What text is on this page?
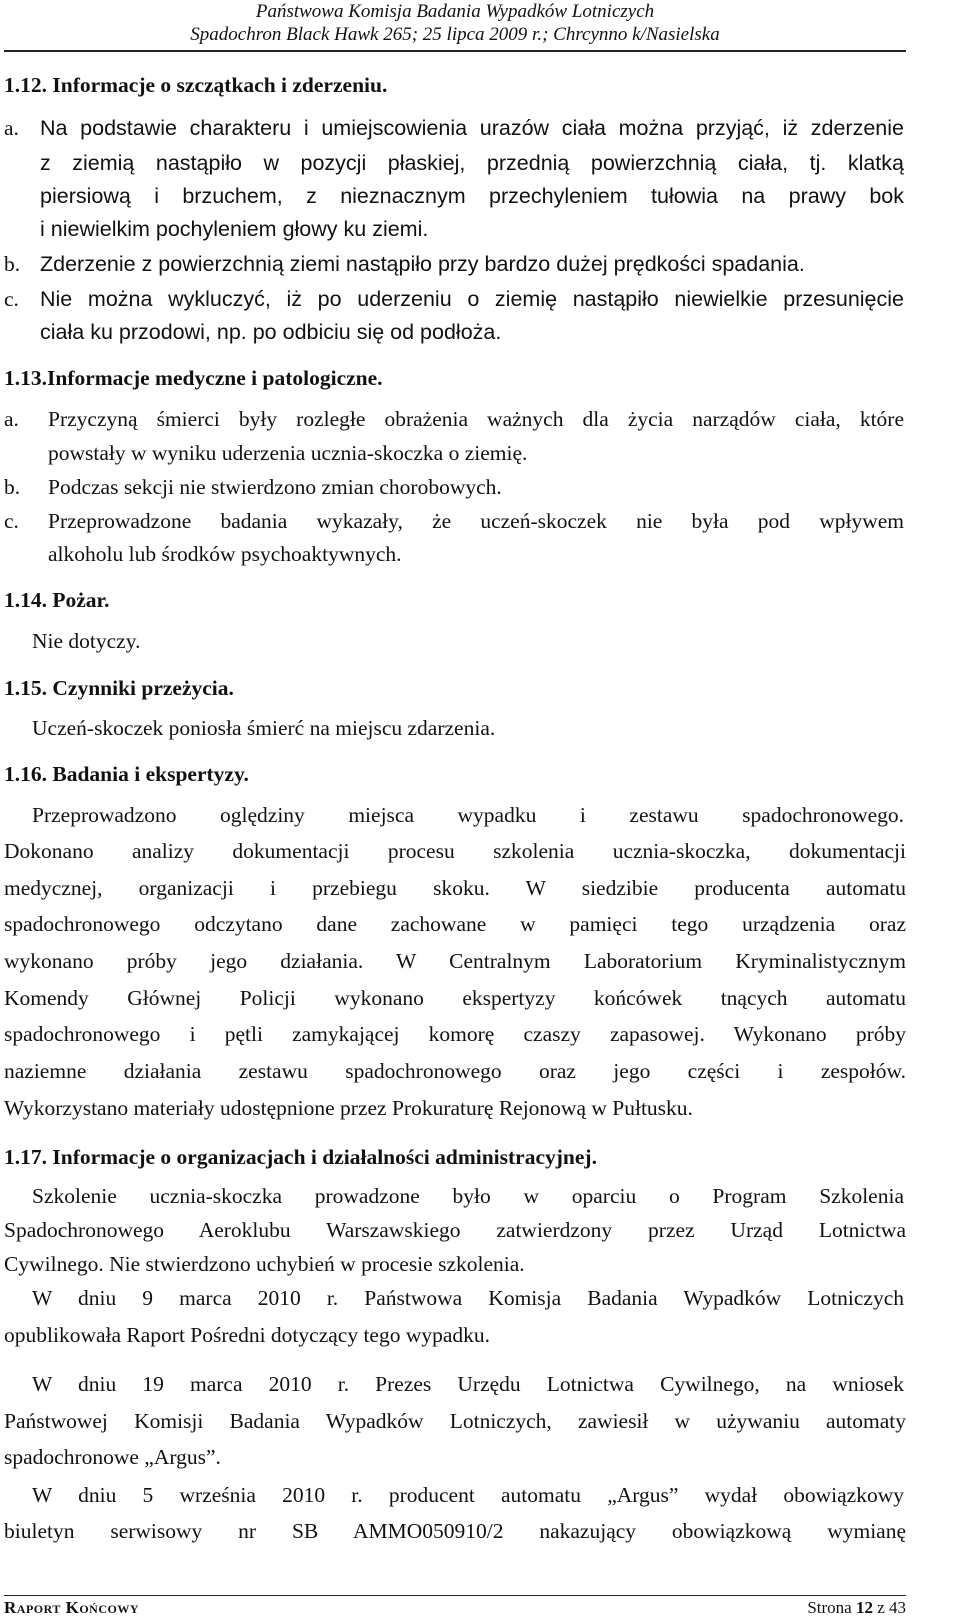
Państwowa Komisja Badania Wypadków Lotniczych
Spadochron Black Hawk 265; 25 lipca 2009 r.; Chrcynno k/Nasielska
1.12. Informacje o szczątkach i zderzeniu.
a. Na podstawie charakteru i umiejscowienia urazów ciała można przyjąć, iż zderzenie
z ziemią nastąpiło w pozycji płaskiej, przednią powierzchnią ciała, tj. klatką
piersiową i brzuchem, z nieznacznym przechyleniem tułowia na prawy bok
i niewielkim pochyleniem głowy ku ziemi.
b. Zderzenie z powierzchnią ziemi nastąpiło przy bardzo dużej prędkości spadania.
c. Nie można wykluczyć, iż po uderzeniu o ziemię nastąpiło niewielkie przesunięcie
ciała ku przodowi, np. po odbiciu się od podłoża.
1.13.Informacje medyczne i patologiczne.
a. Przyczyną śmierci były rozległe obrażenia ważnych dla życia narządów ciała, które
powstały w wyniku uderzenia ucznia-skoczka o ziemię.
b. Podczas sekcji nie stwierdzono zmian chorobowych.
c. Przeprowadzone badania wykazały, że uczeń-skoczek nie była pod wpływem
alkoholu lub środków psychoaktywnych.
1.14. Pożar.
Nie dotyczy.
1.15. Czynniki przeżycia.
Uczeń-skoczek poniosła śmierć na miejscu zdarzenia.
1.16. Badania i ekspertyzy.
Przeprowadzono oględziny miejsca wypadku i zestawu spadochronowego.
Dokonano analizy dokumentacji procesu szkolenia ucznia-skoczka, dokumentacji
medycznej, organizacji i przebiegu skoku. W siedzibie producenta automatu
spadochronowego odczytano dane zachowane w pamięci tego urządzenia oraz
wykonano próby jego działania. W Centralnym Laboratorium Kryminalistycznym
Komendy Głównej Policji wykonano ekspertyzy końcówek tnących automatu
spadochronowego i pętli zamykającej komorę czaszy zapasowej. Wykonano próby
naziemne działania zestawu spadochronowego oraz jego części i zespołów.
Wykorzystano materiały udostępnione przez Prokuraturę Rejonową w Pułtusku.
1.17. Informacje o organizacjach i działalności administracyjnej.
Szkolenie ucznia-skoczka prowadzone było w oparciu o Program Szkolenia
Spadochronowego Aeroklubu Warszawskiego zatwierdzony przez Urząd Lotnictwa
Cywilnego. Nie stwierdzono uchybień w procesie szkolenia.
W dniu 9 marca 2010 r. Państwowa Komisja Badania Wypadków Lotniczych
opublikowała Raport Pośredni dotyczący tego wypadku.
W dniu 19 marca 2010 r. Prezes Urzędu Lotnictwa Cywilnego, na wniosek
Państwowej Komisji Badania Wypadków Lotniczych, zawiesił w używaniu automaty
spadochronowe „Argus”.
W dniu 5 września 2010 r. producent automatu „Argus” wydał obowiązkowy
biuletyn serwisowy nr SB AMMO050910/2 nakazujący obowiązkową wymianę
Raport Końcowy	Strona 12 z 43
